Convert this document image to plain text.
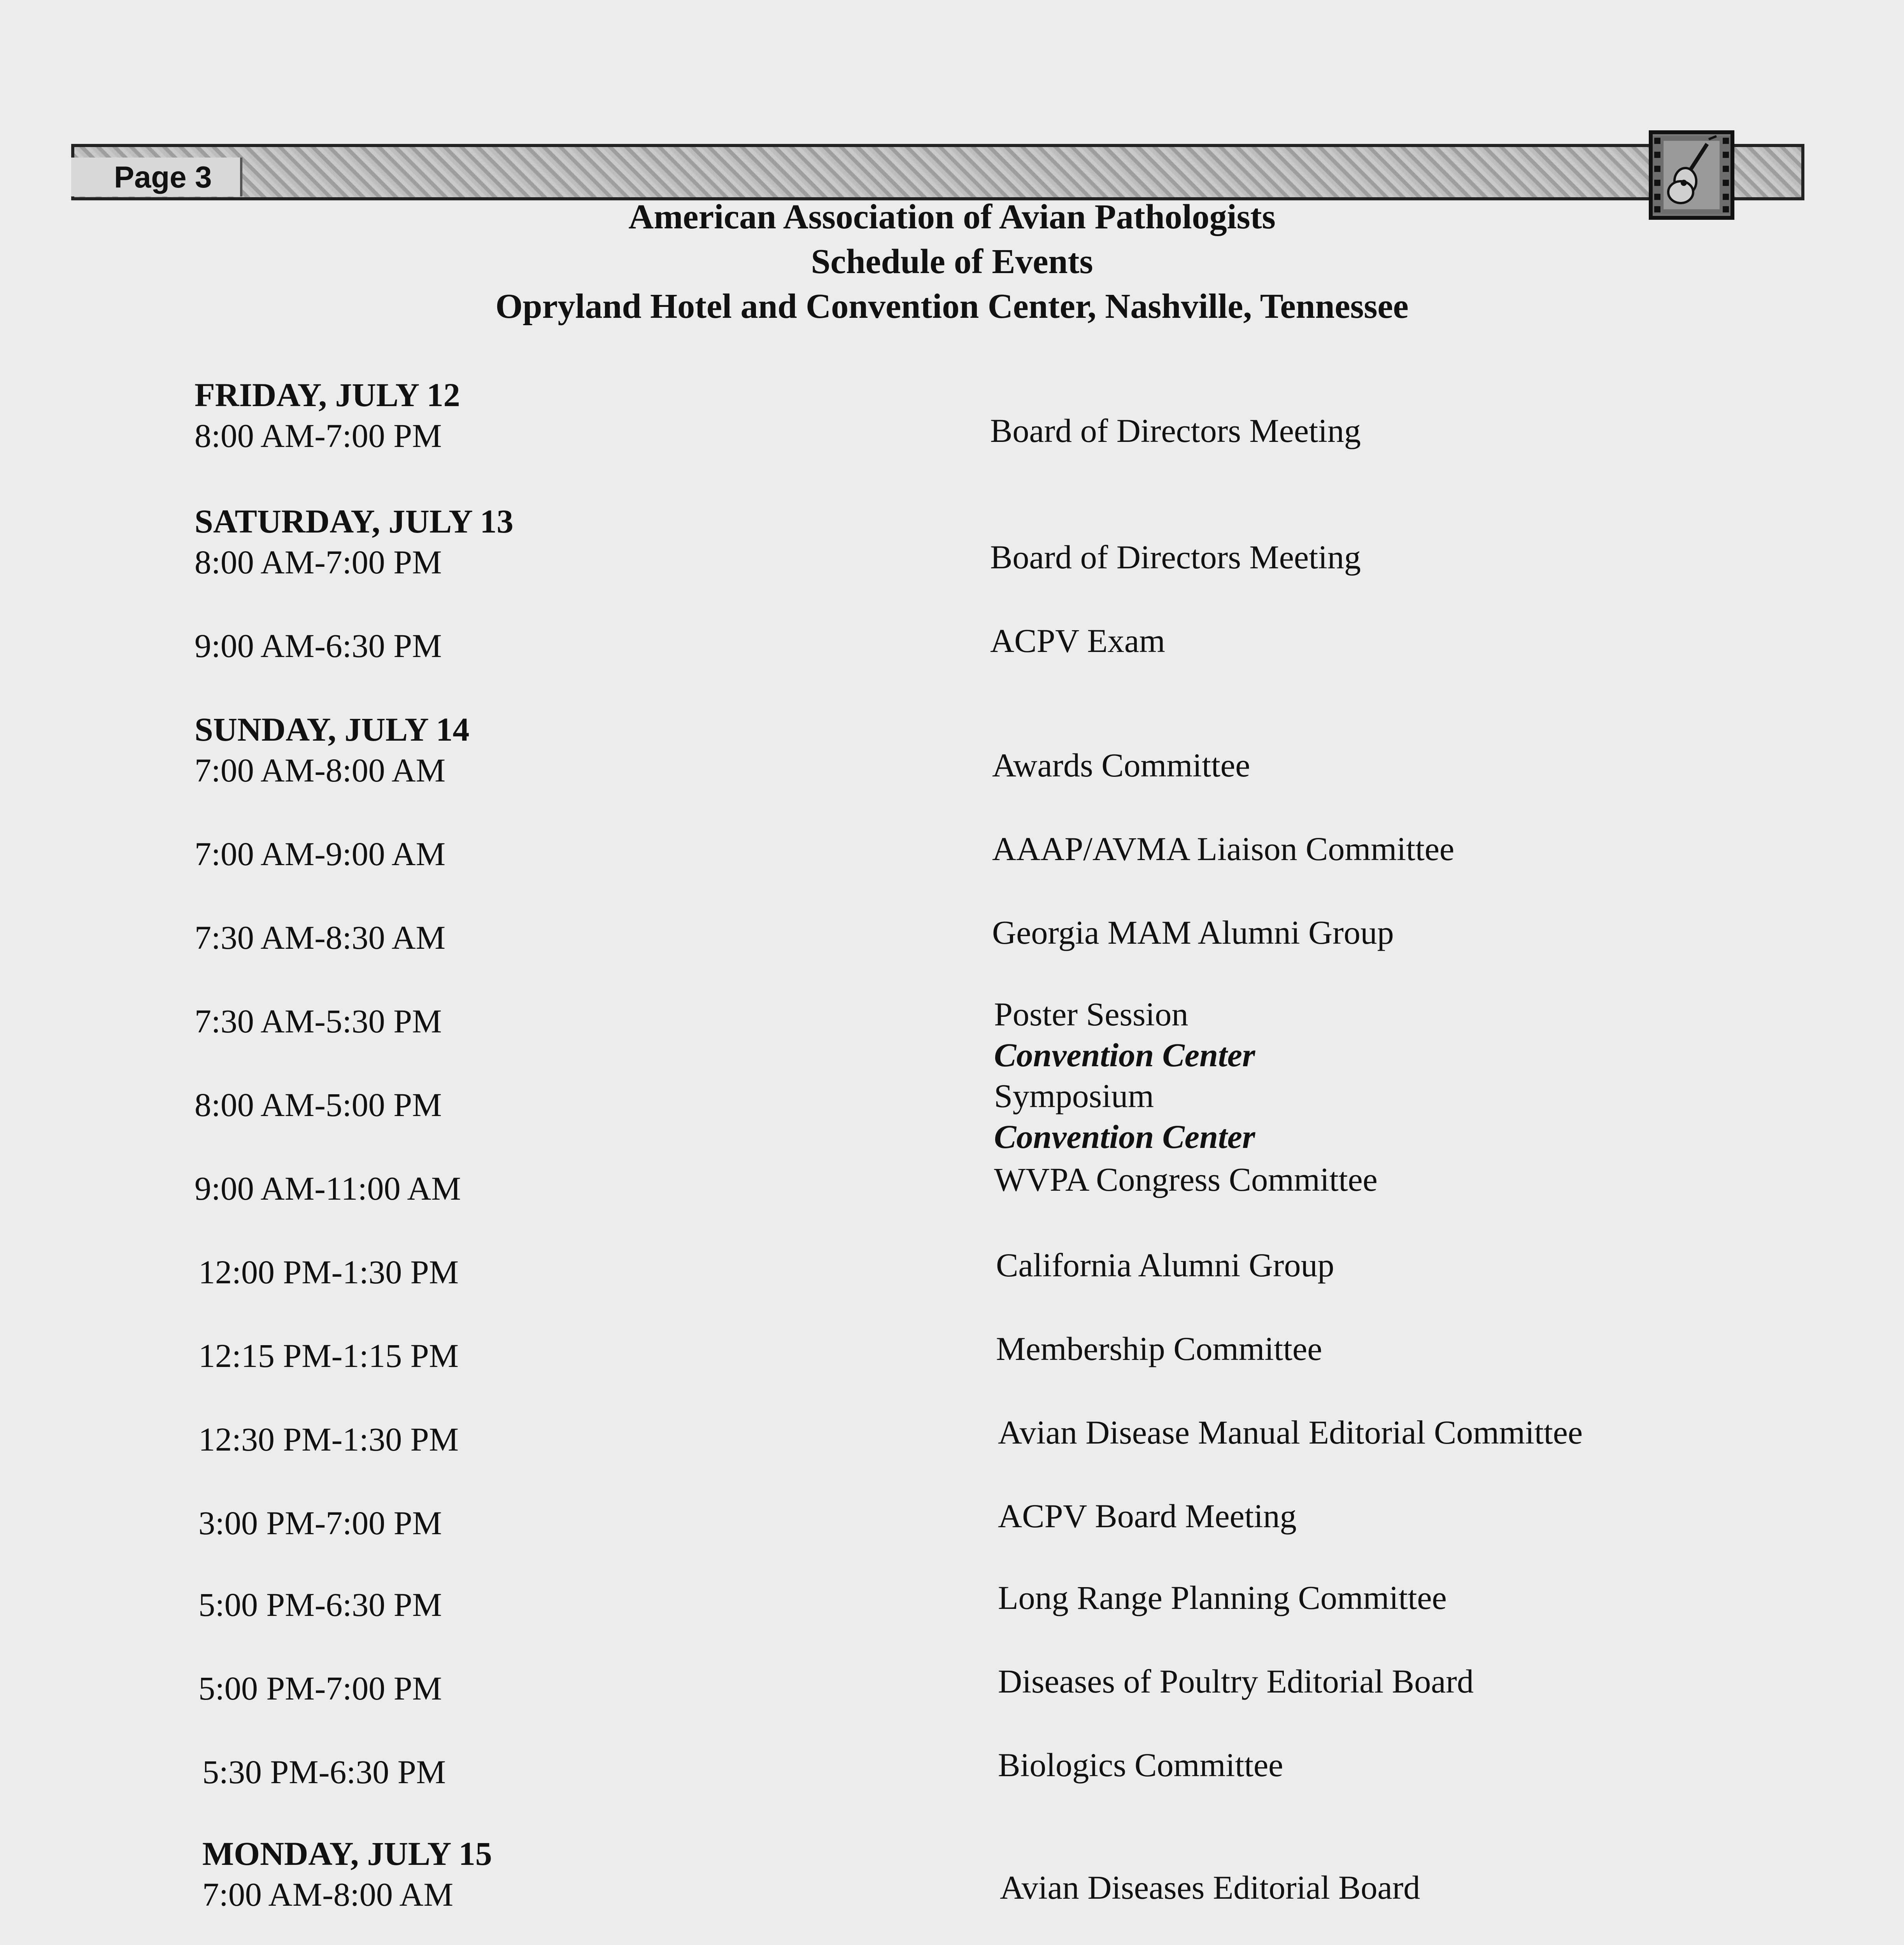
Page 3
American Association of Avian Pathologists
Schedule of Events
Opryland Hotel and Convention Center, Nashville, Tennessee
FRIDAY, JULY 12
SATURDAY, JULY 13
SUNDAY, JULY 14
MONDAY, JULY 15
8:00 AM-7:00 PM
8:00 AM-7:00 PM
9:00 AM-6:30 PM
7:00 AM-8:00 AM
7:00 AM-9:00 AM
7:30 AM-8:30 AM
7:30 AM-5:30 PM
8:00 AM-5:00 PM
9:00 AM-11:00 AM
12:00 PM-1:30 PM
12:15 PM-1:15 PM
12:30 PM-1:30 PM
3:00 PM-7:00 PM
5:00 PM-6:30 PM
5:00 PM-7:00 PM
5:30 PM-6:30 PM
7:00 AM-8:00 AM
Board of Directors Meeting
Board of Directors Meeting
ACPV Exam
Awards Committee
AAAP/AVMA Liaison Committee
Georgia MAM Alumni Group
Poster Session
Convention Center
Symposium
Convention Center
WVPA Congress Committee
California Alumni Group
Membership Committee
Avian Disease Manual Editorial Committee
ACPV Board Meeting
Long Range Planning Committee
Diseases of Poultry Editorial Board
Biologics Committee
Avian Diseases Editorial Board
